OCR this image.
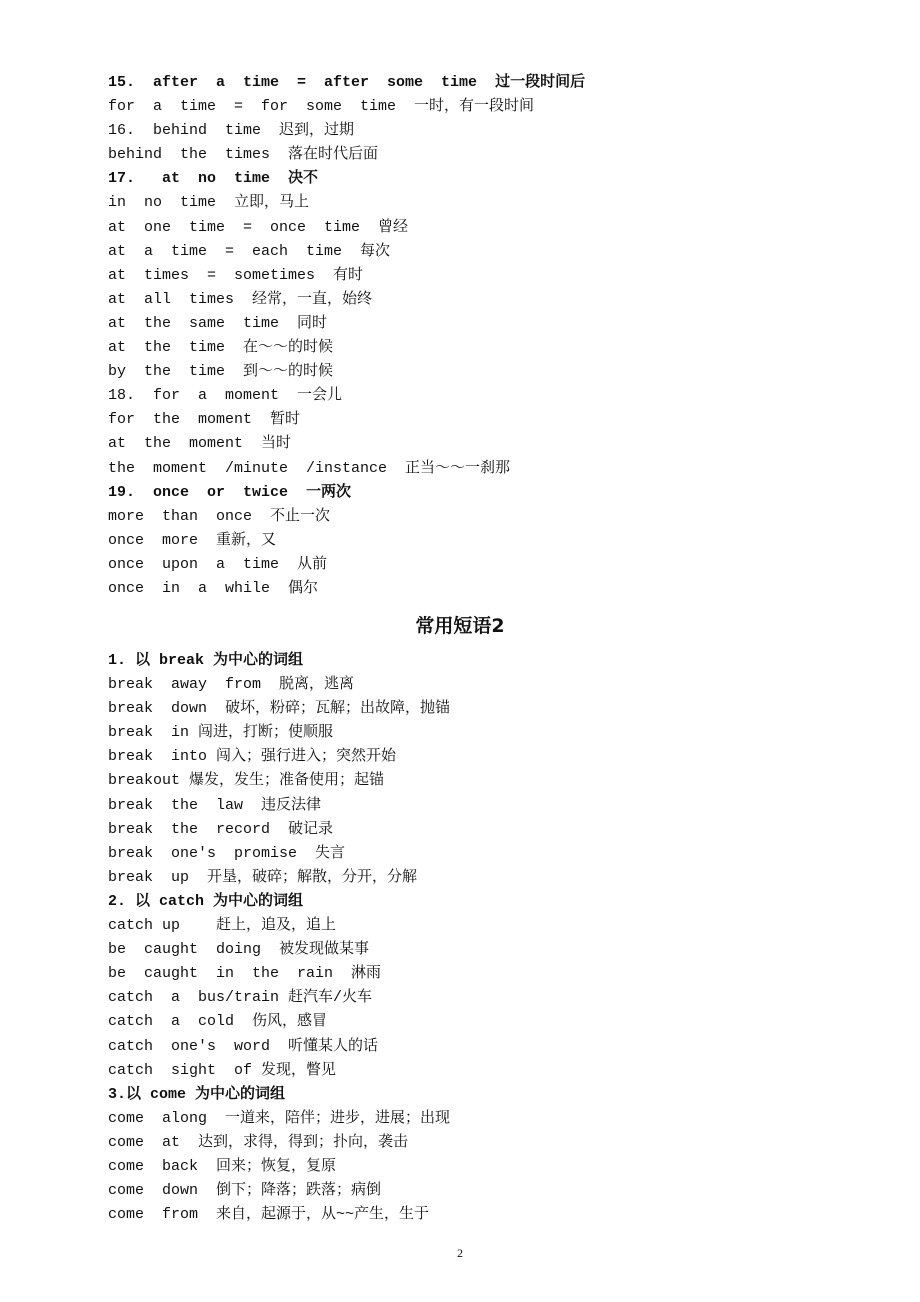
15.  after  a  time  =  after  some  time  过一段时间后
for  a  time  =  for  some  time  一时，有一段时间
16.  behind  time  迟到，过期
behind  the  times  落在时代后面
17.   at  no  time  决不
in  no  time  立即，马上
at  one  time  =  once  time  曾经
at  a  time  =  each  time  每次
at  times  =  sometimes  有时
at  all  times  经常，一直，始终
at  the  same  time  同时
at  the  time  在～～的时候
by  the  time  到～～的时候
18.  for  a  moment  一会儿
for  the  moment  暂时
at  the  moment  当时
the  moment  /minute  /instance  正当～～一刹那
19.  once  or  twice  一两次
more  than  once  不止一次
once  more  重新，又
once  upon  a  time  从前
once  in  a  while  偶尔
常用短语2
1. 以 break 为中心的词组
break  away  from  脱离，逃离
break  down  破坏，粉碎；瓦解；出故障，抛锚
break  in 闯进，打断；使顺服
break  into 闯入；强行进入；突然开始
breakout 爆发，发生；准备使用；起锚
break  the  law  违反法律
break  the  record  破记录
break  one's  promise  失言
break  up  开垦，破碎；解散，分开，分解
2. 以 catch 为中心的词组
catch up    赶上，追及，追上
be  caught  doing  被发现做某事
be  caught  in  the  rain  淋雨
catch  a  bus/train 赶汽车/火车
catch  a  cold  伤风，感冒
catch  one's  word  听懂某人的话
catch  sight  of 发现，瞥见
3.以 come 为中心的词组
come  along  一道来，陪伴；进步，进展；出现
come  at  达到，求得，得到；扑向，袭击
come  back  回来；恢复，复原
come  down  倒下；降落；跌落；病倒
come  from  来自，起源于，从~~产生，生于
2
